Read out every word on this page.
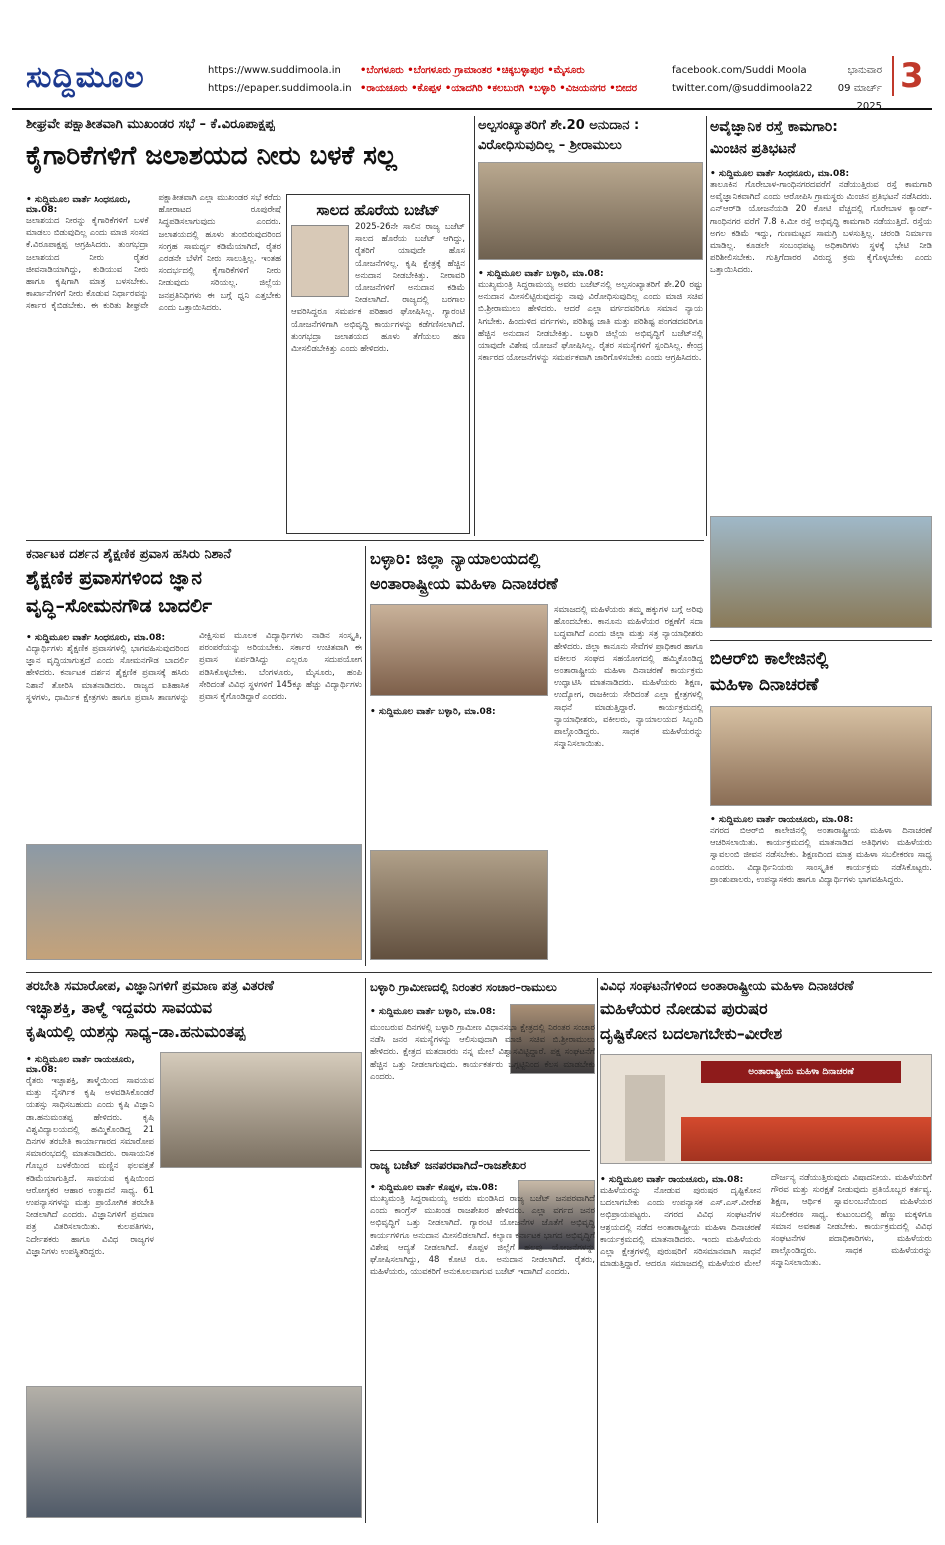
ಸುದ್ದಿಮೂಲ	https://www.suddimoola.in
https://epaper.suddimoola.in
•ಬೆಂಗಳೂರು •ಬೆಂಗಳೂರು ಗ್ರಾಮಾಂತರ •ಚಿಕ್ಕಬಳ್ಳಾಪುರ •ಮೈಸೂರು
•ರಾಯಚೂರು •ಕೊಪ್ಪಳ •ಯಾದಗಿರಿ •ಕಲಬುರಗಿ •ಬಳ್ಳಾರಿ •ವಿಜಯನಗರ •ಬೀದರ
facebook.com/Suddi Moola
twitter.com/@suddimoola22
ಭಾನುವಾರ
09 ಮಾರ್ಚ್ 2025
3
ಶೀಘ್ರವೇ ಪಕ್ಷಾತೀತವಾಗಿ ಮುಖಂಡರ ಸಭೆ – ಕೆ.ವಿರೂಪಾಕ್ಷಪ್ಪ
ಕೈಗಾರಿಕೆಗಳಿಗೆ ಜಲಾಶಯದ ನೀರು ಬಳಕೆ ಸಲ್ಲ
• ಸುದ್ದಿಮೂಲ ವಾರ್ತೆ ಸಿಂಧನೂರು, ಮಾ.08:
ಜಲಾಶಯದ ನೀರನ್ನು ಕೈಗಾರಿಕೆಗಳಿಗೆ ಬಳಕೆ ಮಾಡಲು ಬಿಡುವುದಿಲ್ಲ ಎಂದು ಮಾಜಿ ಸಂಸದ ಕೆ.ವಿರೂಪಾಕ್ಷಪ್ಪ ಆಗ್ರಹಿಸಿದರು. ತುಂಗಭದ್ರಾ ಜಲಾಶಯದ ನೀರು ರೈತರ ಜೀವನಾಡಿಯಾಗಿದ್ದು, ಕುಡಿಯುವ ನೀರು ಹಾಗೂ ಕೃಷಿಗಾಗಿ ಮಾತ್ರ ಬಳಸಬೇಕು. ಕಾರ್ಖಾನೆಗಳಿಗೆ ನೀರು ಕೊಡುವ ನಿರ್ಧಾರವನ್ನು ಸರ್ಕಾರ ಕೈಬಿಡಬೇಕು. ಈ ಕುರಿತು ಶೀಘ್ರವೇ ಪಕ್ಷಾತೀತವಾಗಿ ಎಲ್ಲಾ ಮುಖಂಡರ ಸಭೆ ಕರೆದು ಹೋರಾಟದ ರೂಪುರೇಷೆ ಸಿದ್ಧಪಡಿಸಲಾಗುವುದು ಎಂದರು. ಜಲಾಶಯದಲ್ಲಿ ಹೂಳು ತುಂಬಿರುವುದರಿಂದ ಸಂಗ್ರಹ ಸಾಮರ್ಥ್ಯ ಕಡಿಮೆಯಾಗಿದೆ, ರೈತರ ಎರಡನೇ ಬೆಳೆಗೆ ನೀರು ಸಾಲುತ್ತಿಲ್ಲ. ಇಂತಹ ಸಂದರ್ಭದಲ್ಲಿ ಕೈಗಾರಿಕೆಗಳಿಗೆ ನೀರು ನೀಡುವುದು ಸರಿಯಲ್ಲ. ಜಿಲ್ಲೆಯ ಜನಪ್ರತಿನಿಧಿಗಳು ಈ ಬಗ್ಗೆ ಧ್ವನಿ ಎತ್ತಬೇಕು ಎಂದು ಒತ್ತಾಯಿಸಿದರು.
ಸಾಲದ ಹೊರೆಯ ಬಜೆಟ್
2025-26ನೇ ಸಾಲಿನ ರಾಜ್ಯ ಬಜೆಟ್ ಸಾಲದ ಹೊರೆಯ ಬಜೆಟ್ ಆಗಿದ್ದು, ರೈತರಿಗೆ ಯಾವುದೇ ಹೊಸ ಯೋಜನೆಗಳಿಲ್ಲ. ಕೃಷಿ ಕ್ಷೇತ್ರಕ್ಕೆ ಹೆಚ್ಚಿನ ಅನುದಾನ ನೀಡಬೇಕಿತ್ತು. ನೀರಾವರಿ ಯೋಜನೆಗಳಿಗೆ ಅನುದಾನ ಕಡಿಮೆ ನೀಡಲಾಗಿದೆ. ರಾಜ್ಯದಲ್ಲಿ ಬರಗಾಲ ಆವರಿಸಿದ್ದರೂ ಸಮರ್ಪಕ ಪರಿಹಾರ ಘೋಷಿಸಿಲ್ಲ. ಗ್ಯಾರಂಟಿ ಯೋಜನೆಗಳಿಗಾಗಿ ಅಭಿವೃದ್ಧಿ ಕಾರ್ಯಗಳನ್ನು ಕಡೆಗಣಿಸಲಾಗಿದೆ. ತುಂಗಭದ್ರಾ ಜಲಾಶಯದ ಹೂಳು ತೆಗೆಯಲು ಹಣ ಮೀಸಲಿಡಬೇಕಿತ್ತು ಎಂದು ಹೇಳಿದರು.
ಅಲ್ಪಸಂಖ್ಯಾತರಿಗೆ ಶೇ.20 ಅನುದಾನ :
ವಿರೋಧಿಸುವುದಿಲ್ಲ – ಶ್ರೀರಾಮುಲು
• ಸುದ್ದಿಮೂಲ ವಾರ್ತೆ ಬಳ್ಳಾರಿ, ಮಾ.08:
ಮುಖ್ಯಮಂತ್ರಿ ಸಿದ್ದರಾಮಯ್ಯ ಅವರು ಬಜೆಟ್‌ನಲ್ಲಿ ಅಲ್ಪಸಂಖ್ಯಾತರಿಗೆ ಶೇ.20 ರಷ್ಟು ಅನುದಾನ ಮೀಸಲಿಟ್ಟಿರುವುದನ್ನು ನಾವು ವಿರೋಧಿಸುವುದಿಲ್ಲ ಎಂದು ಮಾಜಿ ಸಚಿವ ಬಿ.ಶ್ರೀರಾಮುಲು ಹೇಳಿದರು. ಆದರೆ ಎಲ್ಲಾ ವರ್ಗದವರಿಗೂ ಸಮಾನ ನ್ಯಾಯ ಸಿಗಬೇಕು. ಹಿಂದುಳಿದ ವರ್ಗಗಳು, ಪರಿಶಿಷ್ಟ ಜಾತಿ ಮತ್ತು ಪರಿಶಿಷ್ಟ ಪಂಗಡದವರಿಗೂ ಹೆಚ್ಚಿನ ಅನುದಾನ ನೀಡಬೇಕಿತ್ತು. ಬಳ್ಳಾರಿ ಜಿಲ್ಲೆಯ ಅಭಿವೃದ್ಧಿಗೆ ಬಜೆಟ್‌ನಲ್ಲಿ ಯಾವುದೇ ವಿಶೇಷ ಯೋಜನೆ ಘೋಷಿಸಿಲ್ಲ. ರೈತರ ಸಮಸ್ಯೆಗಳಿಗೆ ಸ್ಪಂದಿಸಿಲ್ಲ. ಕೇಂದ್ರ ಸರ್ಕಾರದ ಯೋಜನೆಗಳನ್ನು ಸಮರ್ಪಕವಾಗಿ ಜಾರಿಗೊಳಿಸಬೇಕು ಎಂದು ಆಗ್ರಹಿಸಿದರು.
ಅವೈಜ್ಞಾನಿಕ ರಸ್ತೆ ಕಾಮಗಾರಿ:
ಮಿಂಚಿನ ಪ್ರತಿಭಟನೆ
• ಸುದ್ದಿಮೂಲ ವಾರ್ತೆ ಸಿಂಧನೂರು, ಮಾ.08:
ತಾಲೂಕಿನ ಗೊರೇಬಾಳ-ಗಾಂಧಿನಗರದವರೆಗೆ ನಡೆಯುತ್ತಿರುವ ರಸ್ತೆ ಕಾಮಗಾರಿ ಅವೈಜ್ಞಾನಿಕವಾಗಿದೆ ಎಂದು ಆರೋಪಿಸಿ ಗ್ರಾಮಸ್ಥರು ಮಿಂಚಿನ ಪ್ರತಿಭಟನೆ ನಡೆಸಿದರು. ಎನ್‌ಆರ್‌ಡಿ ಯೋಜನೆಯಡಿ 20 ಕೋಟಿ ವೆಚ್ಚದಲ್ಲಿ ಗೊರೇಬಾಳ ಕ್ಯಾಂಪ್-ಗಾಂಧಿನಗರ ವರೆಗೆ 7.8 ಕಿ.ಮೀ ರಸ್ತೆ ಅಭಿವೃದ್ಧಿ ಕಾಮಗಾರಿ ನಡೆಯುತ್ತಿದೆ. ರಸ್ತೆಯ ಅಗಲ ಕಡಿಮೆ ಇದ್ದು, ಗುಣಮಟ್ಟದ ಸಾಮಗ್ರಿ ಬಳಸುತ್ತಿಲ್ಲ. ಚರಂಡಿ ನಿರ್ಮಾಣ ಮಾಡಿಲ್ಲ. ಕೂಡಲೇ ಸಂಬಂಧಪಟ್ಟ ಅಧಿಕಾರಿಗಳು ಸ್ಥಳಕ್ಕೆ ಭೇಟಿ ನೀಡಿ ಪರಿಶೀಲಿಸಬೇಕು. ಗುತ್ತಿಗೆದಾರರ ವಿರುದ್ಧ ಕ್ರಮ ಕೈಗೊಳ್ಳಬೇಕು ಎಂದು ಒತ್ತಾಯಿಸಿದರು.
ಕರ್ನಾಟಕ ದರ್ಶನ ಶೈಕ್ಷಣಿಕ ಪ್ರವಾಸ ಹಸಿರು ನಿಶಾನೆ
ಶೈಕ್ಷಣಿಕ ಪ್ರವಾಸಗಳಿಂದ ಜ್ಞಾನ
ವೃದ್ಧಿ–ಸೋಮನಗೌಡ ಬಾದರ್ಲಿ
• ಸುದ್ದಿಮೂಲ ವಾರ್ತೆ ಸಿಂಧನೂರು, ಮಾ.08:
ವಿದ್ಯಾರ್ಥಿಗಳು ಶೈಕ್ಷಣಿಕ ಪ್ರವಾಸಗಳಲ್ಲಿ ಭಾಗವಹಿಸುವುದರಿಂದ ಜ್ಞಾನ ವೃದ್ಧಿಯಾಗುತ್ತದೆ ಎಂದು ಸೋಮನಗೌಡ ಬಾದರ್ಲಿ ಹೇಳಿದರು. ಕರ್ನಾಟಕ ದರ್ಶನ ಶೈಕ್ಷಣಿಕ ಪ್ರವಾಸಕ್ಕೆ ಹಸಿರು ನಿಶಾನೆ ತೋರಿಸಿ ಮಾತನಾಡಿದರು. ರಾಜ್ಯದ ಐತಿಹಾಸಿಕ ಸ್ಥಳಗಳು, ಧಾರ್ಮಿಕ ಕ್ಷೇತ್ರಗಳು ಹಾಗೂ ಪ್ರವಾಸಿ ತಾಣಗಳನ್ನು ವೀಕ್ಷಿಸುವ ಮೂಲಕ ವಿದ್ಯಾರ್ಥಿಗಳು ನಾಡಿನ ಸಂಸ್ಕೃತಿ, ಪರಂಪರೆಯನ್ನು ಅರಿಯಬೇಕು. ಸರ್ಕಾರ ಉಚಿತವಾಗಿ ಈ ಪ್ರವಾಸ ಏರ್ಪಡಿಸಿದ್ದು ಎಲ್ಲರೂ ಸದುಪಯೋಗ ಪಡಿಸಿಕೊಳ್ಳಬೇಕು. ಬೆಂಗಳೂರು, ಮೈಸೂರು, ಹಂಪಿ ಸೇರಿದಂತೆ ವಿವಿಧ ಸ್ಥಳಗಳಿಗೆ 145ಕ್ಕೂ ಹೆಚ್ಚು ವಿದ್ಯಾರ್ಥಿಗಳು ಪ್ರವಾಸ ಕೈಗೊಂಡಿದ್ದಾರೆ ಎಂದರು.
ಬಳ್ಳಾರಿ: ಜಿಲ್ಲಾ ನ್ಯಾಯಾಲಯದಲ್ಲಿ
ಅಂತಾರಾಷ್ಟ್ರೀಯ ಮಹಿಳಾ ದಿನಾಚರಣೆ
ಸಮಾಜದಲ್ಲಿ ಮಹಿಳೆಯರು ತಮ್ಮ ಹಕ್ಕುಗಳ ಬಗ್ಗೆ ಅರಿವು ಹೊಂದಬೇಕು. ಕಾನೂನು ಮಹಿಳೆಯರ ರಕ್ಷಣೆಗೆ ಸದಾ ಬದ್ಧವಾಗಿದೆ ಎಂದು ಜಿಲ್ಲಾ ಮತ್ತು ಸತ್ರ ನ್ಯಾಯಾಧೀಶರು ಹೇಳಿದರು. ಜಿಲ್ಲಾ ಕಾನೂನು ಸೇವೆಗಳ ಪ್ರಾಧಿಕಾರ ಹಾಗೂ ವಕೀಲರ ಸಂಘದ ಸಹಯೋಗದಲ್ಲಿ ಹಮ್ಮಿಕೊಂಡಿದ್ದ ಅಂತಾರಾಷ್ಟ್ರೀಯ ಮಹಿಳಾ ದಿನಾಚರಣೆ ಕಾರ್ಯಕ್ರಮ ಉದ್ಘಾಟಿಸಿ ಮಾತನಾಡಿದರು. ಮಹಿಳೆಯರು ಶಿಕ್ಷಣ, ಉದ್ಯೋಗ, ರಾಜಕೀಯ ಸೇರಿದಂತೆ ಎಲ್ಲಾ ಕ್ಷೇತ್ರಗಳಲ್ಲಿ ಸಾಧನೆ ಮಾಡುತ್ತಿದ್ದಾರೆ. ಕಾರ್ಯಕ್ರಮದಲ್ಲಿ ನ್ಯಾಯಾಧೀಶರು, ವಕೀಲರು, ನ್ಯಾಯಾಲಯದ ಸಿಬ್ಬಂದಿ ಪಾಲ್ಗೊಂಡಿದ್ದರು. ಸಾಧಕ ಮಹಿಳೆಯರನ್ನು ಸನ್ಮಾನಿಸಲಾಯಿತು.
• ಸುದ್ದಿಮೂಲ ವಾರ್ತೆ ಬಳ್ಳಾರಿ, ಮಾ.08:
ಬಿಆರ್‌ಬಿ ಕಾಲೇಜಿನಲ್ಲಿ
ಮಹಿಳಾ ದಿನಾಚರಣೆ
• ಸುದ್ದಿಮೂಲ ವಾರ್ತೆ ರಾಯಚೂರು, ಮಾ.08:
ನಗರದ ಬಿಆರ್‌ಬಿ ಕಾಲೇಜಿನಲ್ಲಿ ಅಂತಾರಾಷ್ಟ್ರೀಯ ಮಹಿಳಾ ದಿನಾಚರಣೆ ಆಚರಿಸಲಾಯಿತು. ಕಾರ್ಯಕ್ರಮದಲ್ಲಿ ಮಾತನಾಡಿದ ಅತಿಥಿಗಳು ಮಹಿಳೆಯರು ಸ್ವಾವಲಂಬಿ ಜೀವನ ನಡೆಸಬೇಕು. ಶಿಕ್ಷಣದಿಂದ ಮಾತ್ರ ಮಹಿಳಾ ಸಬಲೀಕರಣ ಸಾಧ್ಯ ಎಂದರು. ವಿದ್ಯಾರ್ಥಿನಿಯರು ಸಾಂಸ್ಕೃತಿಕ ಕಾರ್ಯಕ್ರಮ ನಡೆಸಿಕೊಟ್ಟರು. ಪ್ರಾಂಶುಪಾಲರು, ಉಪನ್ಯಾಸಕರು ಹಾಗೂ ವಿದ್ಯಾರ್ಥಿಗಳು ಭಾಗವಹಿಸಿದ್ದರು.
ತರಬೇತಿ ಸಮಾರೋಪ, ವಿಜ್ಞಾನಿಗಳಿಗೆ ಪ್ರಮಾಣ ಪತ್ರ ವಿತರಣೆ
ಇಚ್ಛಾಶಕ್ತಿ, ತಾಳ್ಮೆ ಇದ್ದವರು ಸಾವಯವ
ಕೃಷಿಯಲ್ಲಿ ಯಶಸ್ಸು ಸಾಧ್ಯ–ಡಾ.ಹನುಮಂತಪ್ಪ
• ಸುದ್ದಿಮೂಲ ವಾರ್ತೆ ರಾಯಚೂರು, ಮಾ.08:
ರೈತರು ಇಚ್ಛಾಶಕ್ತಿ, ತಾಳ್ಮೆಯಿಂದ ಸಾವಯವ ಮತ್ತು ನೈಸರ್ಗಿಕ ಕೃಷಿ ಅಳವಡಿಸಿಕೊಂಡರೆ ಯಶಸ್ಸು ಸಾಧಿಸಬಹುದು ಎಂದು ಕೃಷಿ ವಿಜ್ಞಾನಿ ಡಾ.ಹನುಮಂತಪ್ಪ ಹೇಳಿದರು. ಕೃಷಿ ವಿಶ್ವವಿದ್ಯಾಲಯದಲ್ಲಿ ಹಮ್ಮಿಕೊಂಡಿದ್ದ 21 ದಿನಗಳ ತರಬೇತಿ ಕಾರ್ಯಾಗಾರದ ಸಮಾರೋಪ ಸಮಾರಂಭದಲ್ಲಿ ಮಾತನಾಡಿದರು. ರಾಸಾಯನಿಕ ಗೊಬ್ಬರ ಬಳಕೆಯಿಂದ ಮಣ್ಣಿನ ಫಲವತ್ತತೆ ಕಡಿಮೆಯಾಗುತ್ತಿದೆ. ಸಾವಯವ ಕೃಷಿಯಿಂದ ಆರೋಗ್ಯಕರ ಆಹಾರ ಉತ್ಪಾದನೆ ಸಾಧ್ಯ. 61 ಉಪನ್ಯಾಸಗಳನ್ನು ಮತ್ತು ಪ್ರಾಯೋಗಿಕ ತರಬೇತಿ ನೀಡಲಾಗಿದೆ ಎಂದರು. ವಿಜ್ಞಾನಿಗಳಿಗೆ ಪ್ರಮಾಣ ಪತ್ರ ವಿತರಿಸಲಾಯಿತು. ಕುಲಪತಿಗಳು, ನಿರ್ದೇಶಕರು ಹಾಗೂ ವಿವಿಧ ರಾಜ್ಯಗಳ ವಿಜ್ಞಾನಿಗಳು ಉಪಸ್ಥಿತರಿದ್ದರು.
ಬಳ್ಳಾರಿ ಗ್ರಾಮೀಣದಲ್ಲಿ ನಿರಂತರ ಸಂಚಾರ–ರಾಮುಲು
• ಸುದ್ದಿಮೂಲ ವಾರ್ತೆ ಬಳ್ಳಾರಿ, ಮಾ.08:
ಮುಂಬರುವ ದಿನಗಳಲ್ಲಿ ಬಳ್ಳಾರಿ ಗ್ರಾಮೀಣ ವಿಧಾನಸಭಾ ಕ್ಷೇತ್ರದಲ್ಲಿ ನಿರಂತರ ಸಂಚಾರ ನಡೆಸಿ ಜನರ ಸಮಸ್ಯೆಗಳನ್ನು ಆಲಿಸುವುದಾಗಿ ಮಾಜಿ ಸಚಿವ ಬಿ.ಶ್ರೀರಾಮುಲು ಹೇಳಿದರು. ಕ್ಷೇತ್ರದ ಮತದಾರರು ನನ್ನ ಮೇಲೆ ವಿಶ್ವಾಸವಿಟ್ಟಿದ್ದಾರೆ. ಪಕ್ಷ ಸಂಘಟನೆಗೆ ಹೆಚ್ಚಿನ ಒತ್ತು ನೀಡಲಾಗುವುದು. ಕಾರ್ಯಕರ್ತರು ಒಗ್ಗಟ್ಟಿನಿಂದ ಕೆಲಸ ಮಾಡಬೇಕು ಎಂದರು.
ರಾಜ್ಯ ಬಜೆಟ್ ಜನಪರವಾಗಿದೆ–ರಾಜಶೇಖರ
• ಸುದ್ದಿಮೂಲ ವಾರ್ತೆ ಕೊಪ್ಪಳ, ಮಾ.08:
ಮುಖ್ಯಮಂತ್ರಿ ಸಿದ್ದರಾಮಯ್ಯ ಅವರು ಮಂಡಿಸಿದ ರಾಜ್ಯ ಬಜೆಟ್ ಜನಪರವಾಗಿದೆ ಎಂದು ಕಾಂಗ್ರೆಸ್ ಮುಖಂಡ ರಾಜಶೇಖರ ಹೇಳಿದರು. ಎಲ್ಲಾ ವರ್ಗದ ಜನರ ಅಭಿವೃದ್ಧಿಗೆ ಒತ್ತು ನೀಡಲಾಗಿದೆ. ಗ್ಯಾರಂಟಿ ಯೋಜನೆಗಳ ಜೊತೆಗೆ ಅಭಿವೃದ್ಧಿ ಕಾರ್ಯಗಳಿಗೂ ಅನುದಾನ ಮೀಸಲಿಡಲಾಗಿದೆ. ಕಲ್ಯಾಣ ಕರ್ನಾಟಕ ಭಾಗದ ಅಭಿವೃದ್ಧಿಗೆ ವಿಶೇಷ ಆದ್ಯತೆ ನೀಡಲಾಗಿದೆ. ಕೊಪ್ಪಳ ಜಿಲ್ಲೆಗೆ ಹಲವು ಯೋಜನೆಗಳನ್ನು ಘೋಷಿಸಲಾಗಿದ್ದು, 48 ಕೋಟಿ ರೂ. ಅನುದಾನ ನೀಡಲಾಗಿದೆ. ರೈತರು, ಮಹಿಳೆಯರು, ಯುವಕರಿಗೆ ಅನುಕೂಲವಾಗುವ ಬಜೆಟ್ ಇದಾಗಿದೆ ಎಂದರು.
ವಿವಿಧ ಸಂಘಟನೆಗಳಿಂದ ಅಂತಾರಾಷ್ಟ್ರೀಯ ಮಹಿಳಾ ದಿನಾಚರಣೆ
ಮಹಿಳೆಯರ ನೋಡುವ ಪುರುಷರ
ದೃಷ್ಟಿಕೋನ ಬದಲಾಗಬೇಕು–ವೀರೇಶ
ಅಂತಾರಾಷ್ಟ್ರೀಯ ಮಹಿಳಾ ದಿನಾಚರಣೆ
• ಸುದ್ದಿಮೂಲ ವಾರ್ತೆ ರಾಯಚೂರು, ಮಾ.08:
ಮಹಿಳೆಯರನ್ನು ನೋಡುವ ಪುರುಷರ ದೃಷ್ಟಿಕೋನ ಬದಲಾಗಬೇಕು ಎಂದು ಉಪನ್ಯಾಸಕ ಎಸ್.ಎಸ್.ವೀರೇಶ ಅಭಿಪ್ರಾಯಪಟ್ಟರು. ನಗರದ ವಿವಿಧ ಸಂಘಟನೆಗಳ ಆಶ್ರಯದಲ್ಲಿ ನಡೆದ ಅಂತಾರಾಷ್ಟ್ರೀಯ ಮಹಿಳಾ ದಿನಾಚರಣೆ ಕಾರ್ಯಕ್ರಮದಲ್ಲಿ ಮಾತನಾಡಿದರು. ಇಂದು ಮಹಿಳೆಯರು ಎಲ್ಲಾ ಕ್ಷೇತ್ರಗಳಲ್ಲಿ ಪುರುಷರಿಗೆ ಸರಿಸಮಾನವಾಗಿ ಸಾಧನೆ ಮಾಡುತ್ತಿದ್ದಾರೆ. ಆದರೂ ಸಮಾಜದಲ್ಲಿ ಮಹಿಳೆಯರ ಮೇಲೆ ದೌರ್ಜನ್ಯ ನಡೆಯುತ್ತಿರುವುದು ವಿಷಾದನೀಯ. ಮಹಿಳೆಯರಿಗೆ ಗೌರವ ಮತ್ತು ಸುರಕ್ಷತೆ ನೀಡುವುದು ಪ್ರತಿಯೊಬ್ಬರ ಕರ್ತವ್ಯ. ಶಿಕ್ಷಣ, ಆರ್ಥಿಕ ಸ್ವಾವಲಂಬನೆಯಿಂದ ಮಹಿಳೆಯರ ಸಬಲೀಕರಣ ಸಾಧ್ಯ. ಕುಟುಂಬದಲ್ಲಿ ಹೆಣ್ಣು ಮಕ್ಕಳಿಗೂ ಸಮಾನ ಅವಕಾಶ ನೀಡಬೇಕು. ಕಾರ್ಯಕ್ರಮದಲ್ಲಿ ವಿವಿಧ ಸಂಘಟನೆಗಳ ಪದಾಧಿಕಾರಿಗಳು, ಮಹಿಳೆಯರು ಪಾಲ್ಗೊಂಡಿದ್ದರು. ಸಾಧಕ ಮಹಿಳೆಯರನ್ನು ಸನ್ಮಾನಿಸಲಾಯಿತು.
